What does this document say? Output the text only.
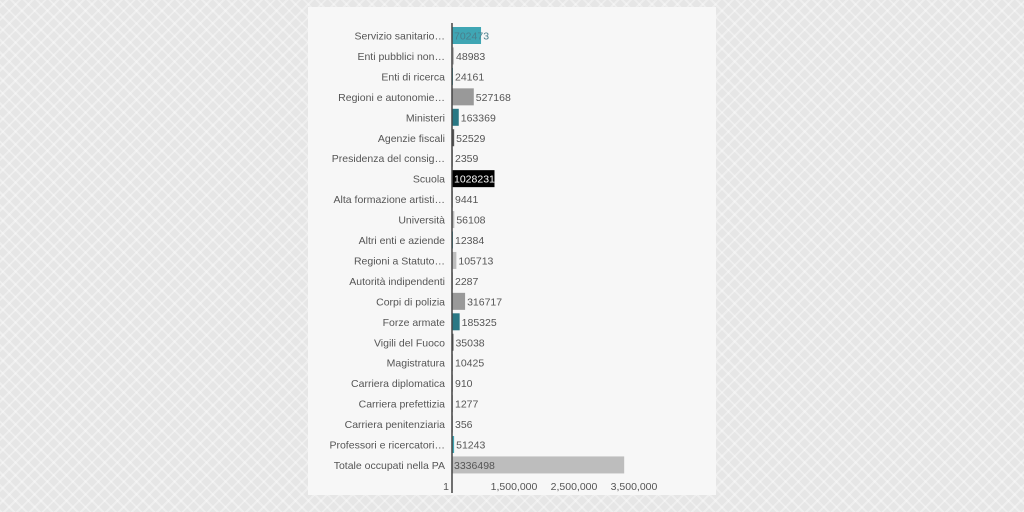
Servizio sanitario… 702473
Enti pubblici non… 48983
Enti di ricerca 24161
Regioni e autonomie…	527168
Ministeri 163369
Agenzie fiscali 52529
Presidenza del consig… 2359
Scuola 1028231
Alta formazione artisti… 9441
Università 56108
Altri enti e aziende 12384
Regioni a Statuto… 105713
Autorità indipendenti 2287
Corpi di polizia 316717
Forze armate 185325
Vigili del Fuoco 35038
Magistratura 10425
Carriera diplomatica 910
Carriera prefettizia 1277
Carriera penitenziaria 356
Professori e ricercatori… 51243
Totale occupati nella PA 3336498
1	1,500,000 2,500,000 3,500,000
